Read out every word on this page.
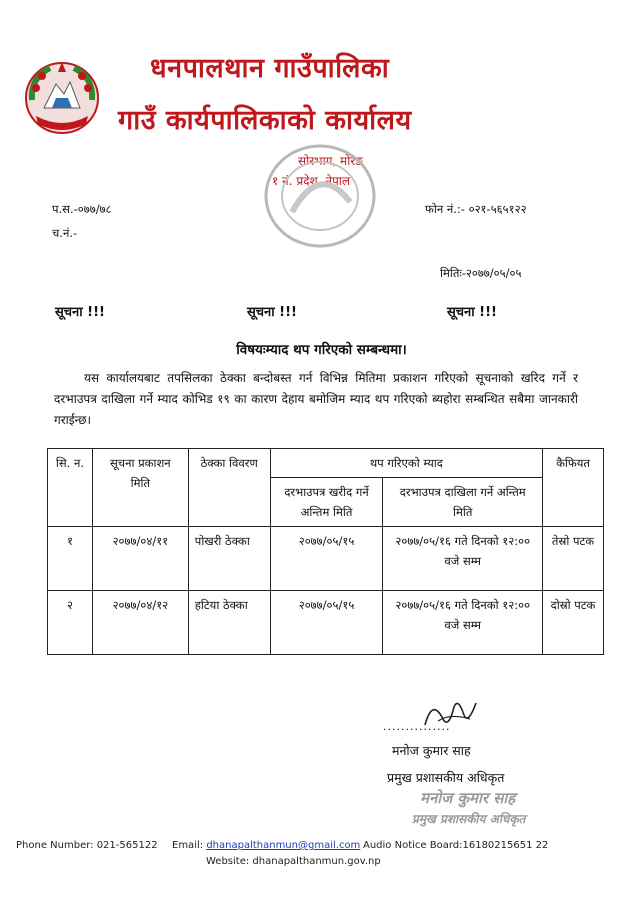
धनपालथान गाउँपालिका
गाउँ कार्यपालिकाको कार्यालय
सोरभाग, मोरङ
१ नं. प्रदेश, नेपाल
प.स.-०७७/७८
च.नं.-
फोन नं.:- ०२१-५६५१२२
मितिः-२०७७/०५/०५
सूचना !!!	सूचना !!!	सूचना !!!
विषयःम्याद थप गरिएको सम्बन्धमा।
यस कार्यालयबाट तपसिलका ठेक्का बन्दोबस्त गर्न विभिन्न मितिमा प्रकाशन गरिएको सूचनाको खरिद गर्ने र दरभाउपत्र दाखिला गर्ने म्याद कोभिड १९ का कारण देहाय बमोजिम म्याद थप गरिएको ब्यहोरा सम्बन्धित सबैमा जानकारी गराईन्छ।
सि. न.	सूचना प्रकाशन मिति	ठेक्का विवरण	थप गरिएको म्याद		कैफियत
			दरभाउपत्र खरीद गर्ने अन्तिम मिति	दरभाउपत्र दाखिला गर्ने अन्तिम मिति	
१	२०७७/०४/११	पोखरी ठेक्का	२०७७/०५/१५	२०७७/०५/१६ गते दिनको १२:०० वजे सम्म	तेस्रो पटक
२	२०७७/०४/१२	हटिया ठेक्का	२०७७/०५/१५	२०७७/०५/१६ गते दिनको १२:०० वजे सम्म	दोस्रो पटक
...............
मनोज कुमार साह
प्रमुख प्रशासकीय अधिकृत
मनोज कुमार साह
प्रमुख प्रशासकीय अधिकृत
Phone Number: 021-565122 Email: dhanapalthanmun@gmail.com Audio Notice Board:16180215651 22
Website: dhanapalthanmun.gov.np
